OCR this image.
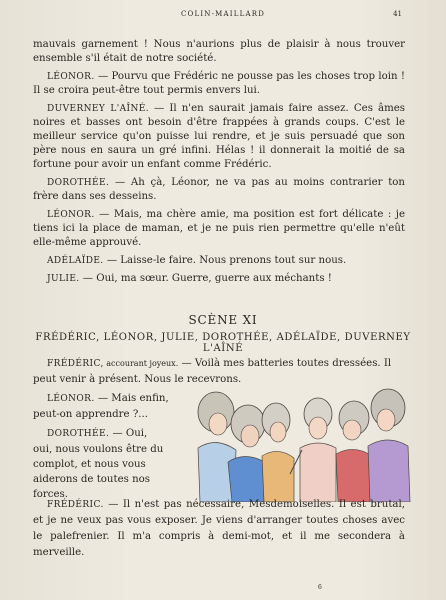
COLIN-MAILLARD	41

mauvais garnement ! Nous n'aurions plus de plaisir à nous trouver ensemble s'il était de notre société.

LÉONOR. — Pourvu que Frédéric ne pousse pas les choses trop loin ! Il se croira peut-être tout permis envers lui.

DUVERNEY L'AÎNÉ. — Il n'en saurait jamais faire assez. Ces âmes noires et basses ont besoin d'être frappées à grands coups. C'est le meilleur service qu'on puisse lui rendre, et je suis persuadé que son père nous en saura un gré infini. Hélas ! il donnerait la moitié de sa fortune pour avoir un enfant comme Frédéric.

DOROTHÉE. — Ah çà, Léonor, ne va pas au moins contrarier ton frère dans ses desseins.

LÉONOR. — Mais, ma chère amie, ma position est fort délicate : je tiens ici la place de maman, et je ne puis rien permettre qu'elle n'eût elle-même approuvé.

ADÉLAÏDE. — Laisse-le faire. Nous prenons tout sur nous.

JULIE. — Oui, ma sœur. Guerre, guerre aux méchants !

SCÈNE XI
FRÉDÉRIC, LÉONOR, JULIE, DOROTHÉE, ADÉLAÏDE, DUVERNEY L'AÎNÉ

FRÉDÉRIC, accourant joyeux. — Voilà mes batteries toutes dressées. Il peut venir à présent. Nous le recevrons.

LÉONOR. — Mais enfin, peut-on apprendre ?...

DOROTHÉE. — Oui, oui, nous voulons être du complot, et nous vous aiderons de toutes nos forces.

FRÉDÉRIC. — Il n'est pas nécessaire, Mesdemoiselles. Il est brutal, et je ne veux pas vous exposer. Je viens d'arranger toutes choses avec le palefrenier. Il m'a compris à demi-mot, et il me secondera à merveille.

6
